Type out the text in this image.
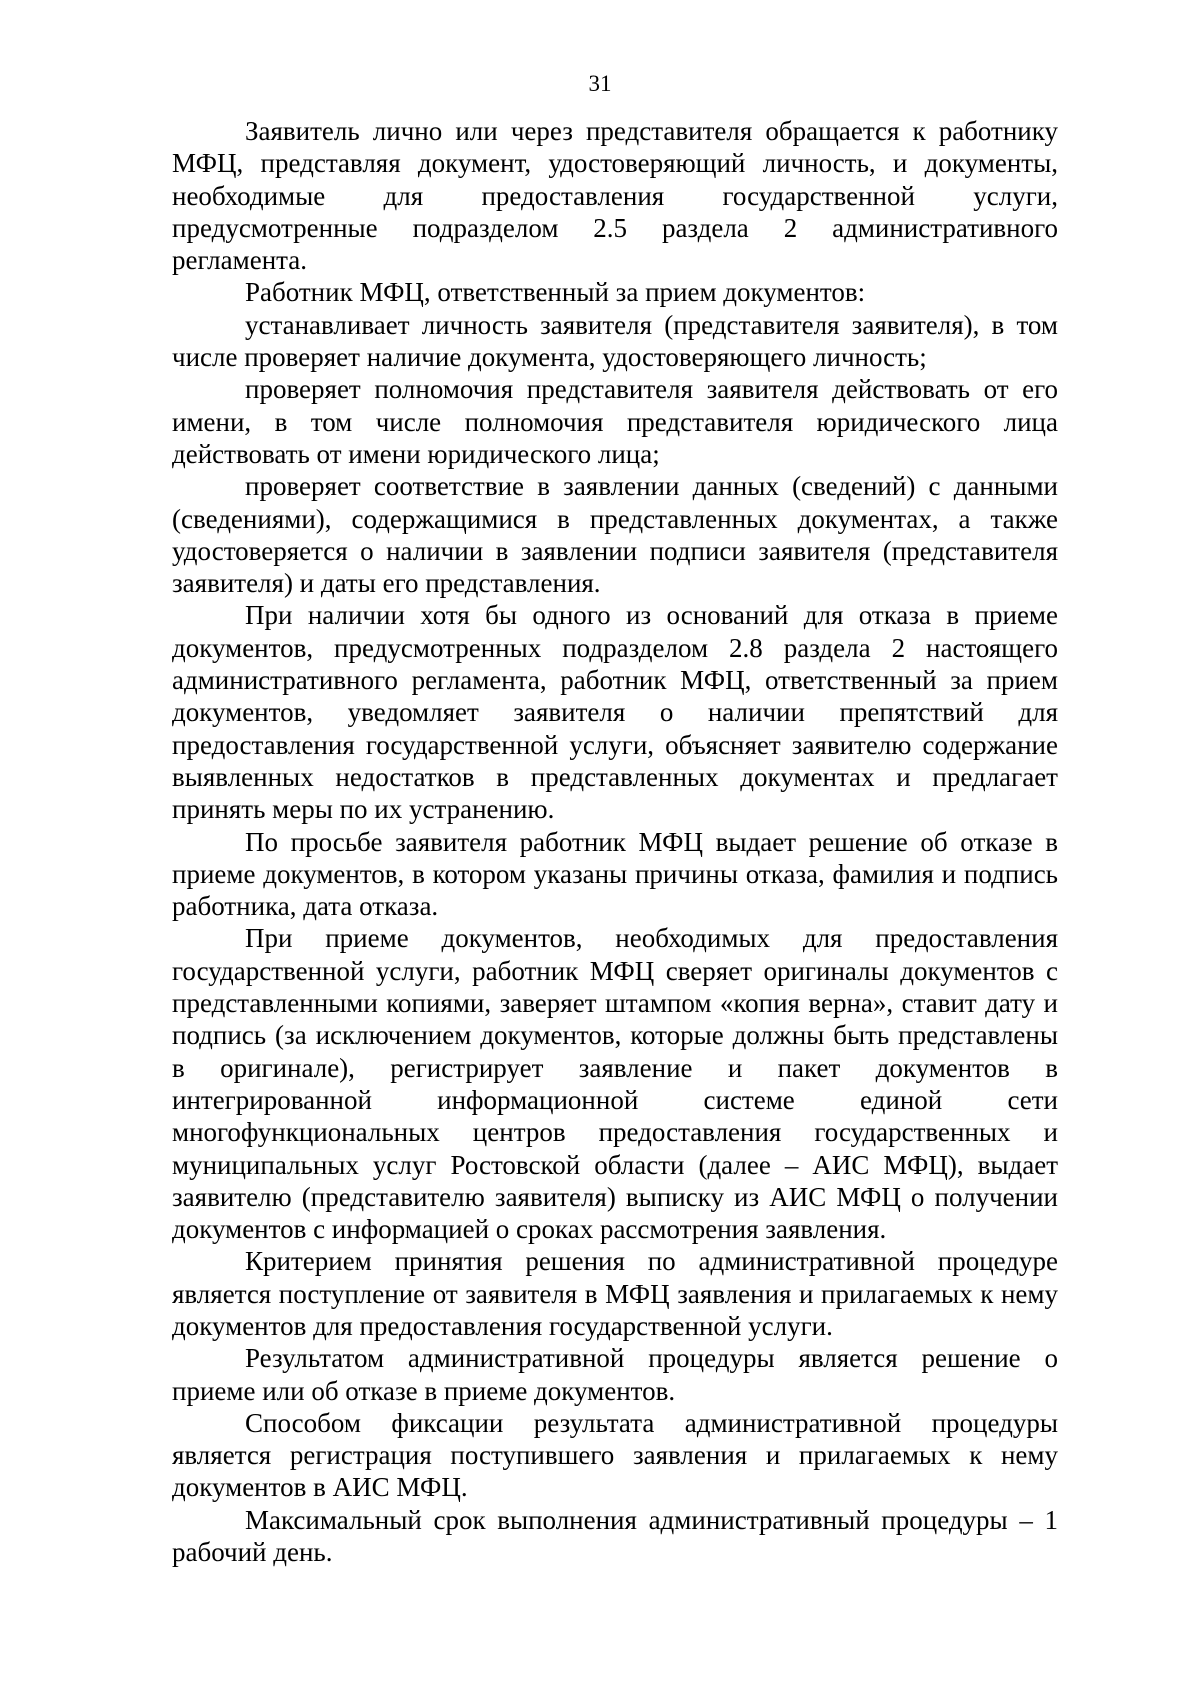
31

Заявитель лично или через представителя обращается к работнику МФЦ, представляя документ, удостоверяющий личность, и документы, необходимые для предоставления государственной услуги, предусмотренные подразделом 2.5 раздела 2 административного регламента.

Работник МФЦ, ответственный за прием документов:

устанавливает личность заявителя (представителя заявителя), в том числе проверяет наличие документа, удостоверяющего личность;

проверяет полномочия представителя заявителя действовать от его имени, в том числе полномочия представителя юридического лица действовать от имени юридического лица;

проверяет соответствие в заявлении данных (сведений) с данными (сведениями), содержащимися в представленных документах, а также удостоверяется о наличии в заявлении подписи заявителя (представителя заявителя) и даты его представления.

При наличии хотя бы одного из оснований для отказа в приеме документов, предусмотренных подразделом 2.8 раздела 2 настоящего административного регламента, работник МФЦ, ответственный за прием документов, уведомляет заявителя о наличии препятствий для предоставления государственной услуги, объясняет заявителю содержание выявленных недостатков в представленных документах и предлагает принять меры по их устранению.

По просьбе заявителя работник МФЦ выдает решение об отказе в приеме документов, в котором указаны причины отказа, фамилия и подпись работника, дата отказа.

При приеме документов, необходимых для предоставления государственной услуги, работник МФЦ сверяет оригиналы документов с представленными копиями, заверяет штампом «копия верна», ставит дату и подпись (за исключением документов, которые должны быть представлены в оригинале), регистрирует заявление и пакет документов в интегрированной информационной системе единой сети многофункциональных центров предоставления государственных и муниципальных услуг Ростовской области (далее – АИС МФЦ), выдает заявителю (представителю заявителя) выписку из АИС МФЦ о получении документов с информацией о сроках рассмотрения заявления.

Критерием принятия решения по административной процедуре является поступление от заявителя в МФЦ заявления и прилагаемых к нему документов для предоставления государственной услуги.

Результатом административной процедуры является решение о приеме или об отказе в приеме документов.

Способом фиксации результата административной процедуры является регистрация поступившего заявления и прилагаемых к нему документов в АИС МФЦ.

Максимальный срок выполнения административный процедуры – 1 рабочий день.
